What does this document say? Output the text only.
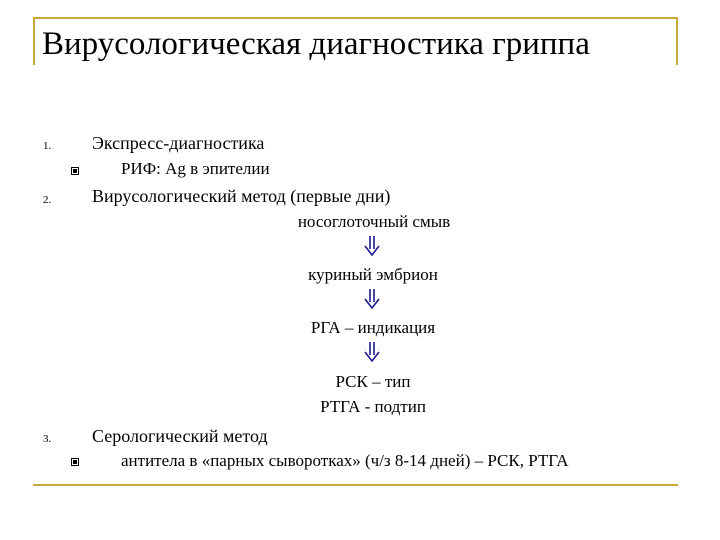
Вирусологическая диагностика гриппа
1. Экспресс-диагностика
РИФ: Ag в эпителии
2. Вирусологический метод (первые дни)
носоглоточный смыв
куриный эмбрион
РГА – индикация
РСК – тип
РТГА - подтип
3. Серологический метод
антитела в «парных сыворотках» (ч/з 8-14 дней) – РСК, РТГА
